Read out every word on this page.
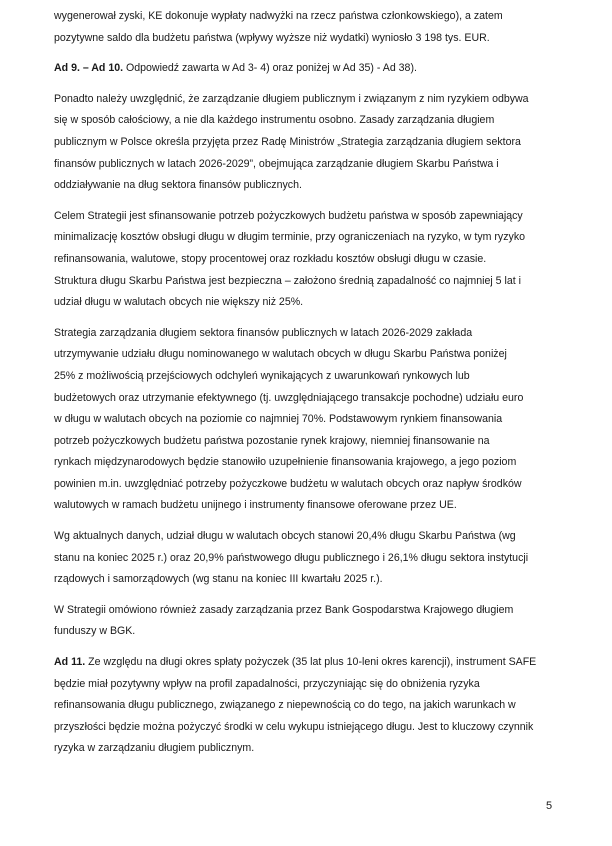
wygenerował zyski, KE dokonuje wypłaty nadwyżki na rzecz państwa członkowskiego), a zatem
pozytywne saldo dla budżetu państwa (wpływy wyższe niż wydatki) wyniosło 3 198 tys. EUR.

Ad 9. – Ad 10. Odpowiedź zawarta w Ad 3- 4) oraz poniżej w Ad 35) - Ad 38).

Ponadto należy uwzględnić, że zarządzanie długiem publicznym i związanym z nim ryzykiem odbywa
się w sposób całościowy, a nie dla każdego instrumentu osobno. Zasady zarządzania długiem
publicznym w Polsce określa przyjęta przez Radę Ministrów „Strategia zarządzania długiem sektora
finansów publicznych w latach 2026-2029”, obejmująca zarządzanie długiem Skarbu Państwa i
oddziaływanie na dług sektora finansów publicznych.

Celem Strategii jest sfinansowanie potrzeb pożyczkowych budżetu państwa w sposób zapewniający
minimalizację kosztów obsługi długu w długim terminie, przy ograniczeniach na ryzyko, w tym ryzyko
refinansowania, walutowe, stopy procentowej oraz rozkładu kosztów obsługi długu w czasie.
Struktura długu Skarbu Państwa jest bezpieczna – założono średnią zapadalność co najmniej 5 lat i
udział długu w walutach obcych nie większy niż 25%.

Strategia zarządzania długiem sektora finansów publicznych w latach 2026-2029 zakłada
utrzymywanie udziału długu nominowanego w walutach obcych w długu Skarbu Państwa poniżej
25% z możliwością przejściowych odchyleń wynikających z uwarunkowań rynkowych lub
budżetowych oraz utrzymanie efektywnego (tj. uwzględniającego transakcje pochodne) udziału euro
w długu w walutach obcych na poziomie co najmniej 70%. Podstawowym rynkiem finansowania
potrzeb pożyczkowych budżetu państwa pozostanie rynek krajowy, niemniej finansowanie na
rynkach międzynarodowych będzie stanowiło uzupełnienie finansowania krajowego, a jego poziom
powinien m.in. uwzględniać potrzeby pożyczkowe budżetu w walutach obcych oraz napływ środków
walutowych w ramach budżetu unijnego i instrumenty finansowe oferowane przez UE.

Wg aktualnych danych, udział długu w walutach obcych stanowi 20,4% długu Skarbu Państwa (wg
stanu na koniec 2025 r.) oraz 20,9% państwowego długu publicznego i 26,1% długu sektora instytucji
rządowych i samorządowych (wg stanu na koniec III kwartału 2025 r.).

W Strategii omówiono również zasady zarządzania przez Bank Gospodarstwa Krajowego długiem
funduszy w BGK.

Ad 11. Ze względu na długi okres spłaty pożyczek (35 lat plus 10-leni okres karencji), instrument SAFE
będzie miał pozytywny wpływ na profil zapadalności, przyczyniając się do obniżenia ryzyka
refinansowania długu publicznego, związanego z niepewnością co do tego, na jakich warunkach w
przyszłości będzie można pożyczyć środki w celu wykupu istniejącego długu. Jest to kluczowy czynnik
ryzyka w zarządzaniu długiem publicznym.

5
